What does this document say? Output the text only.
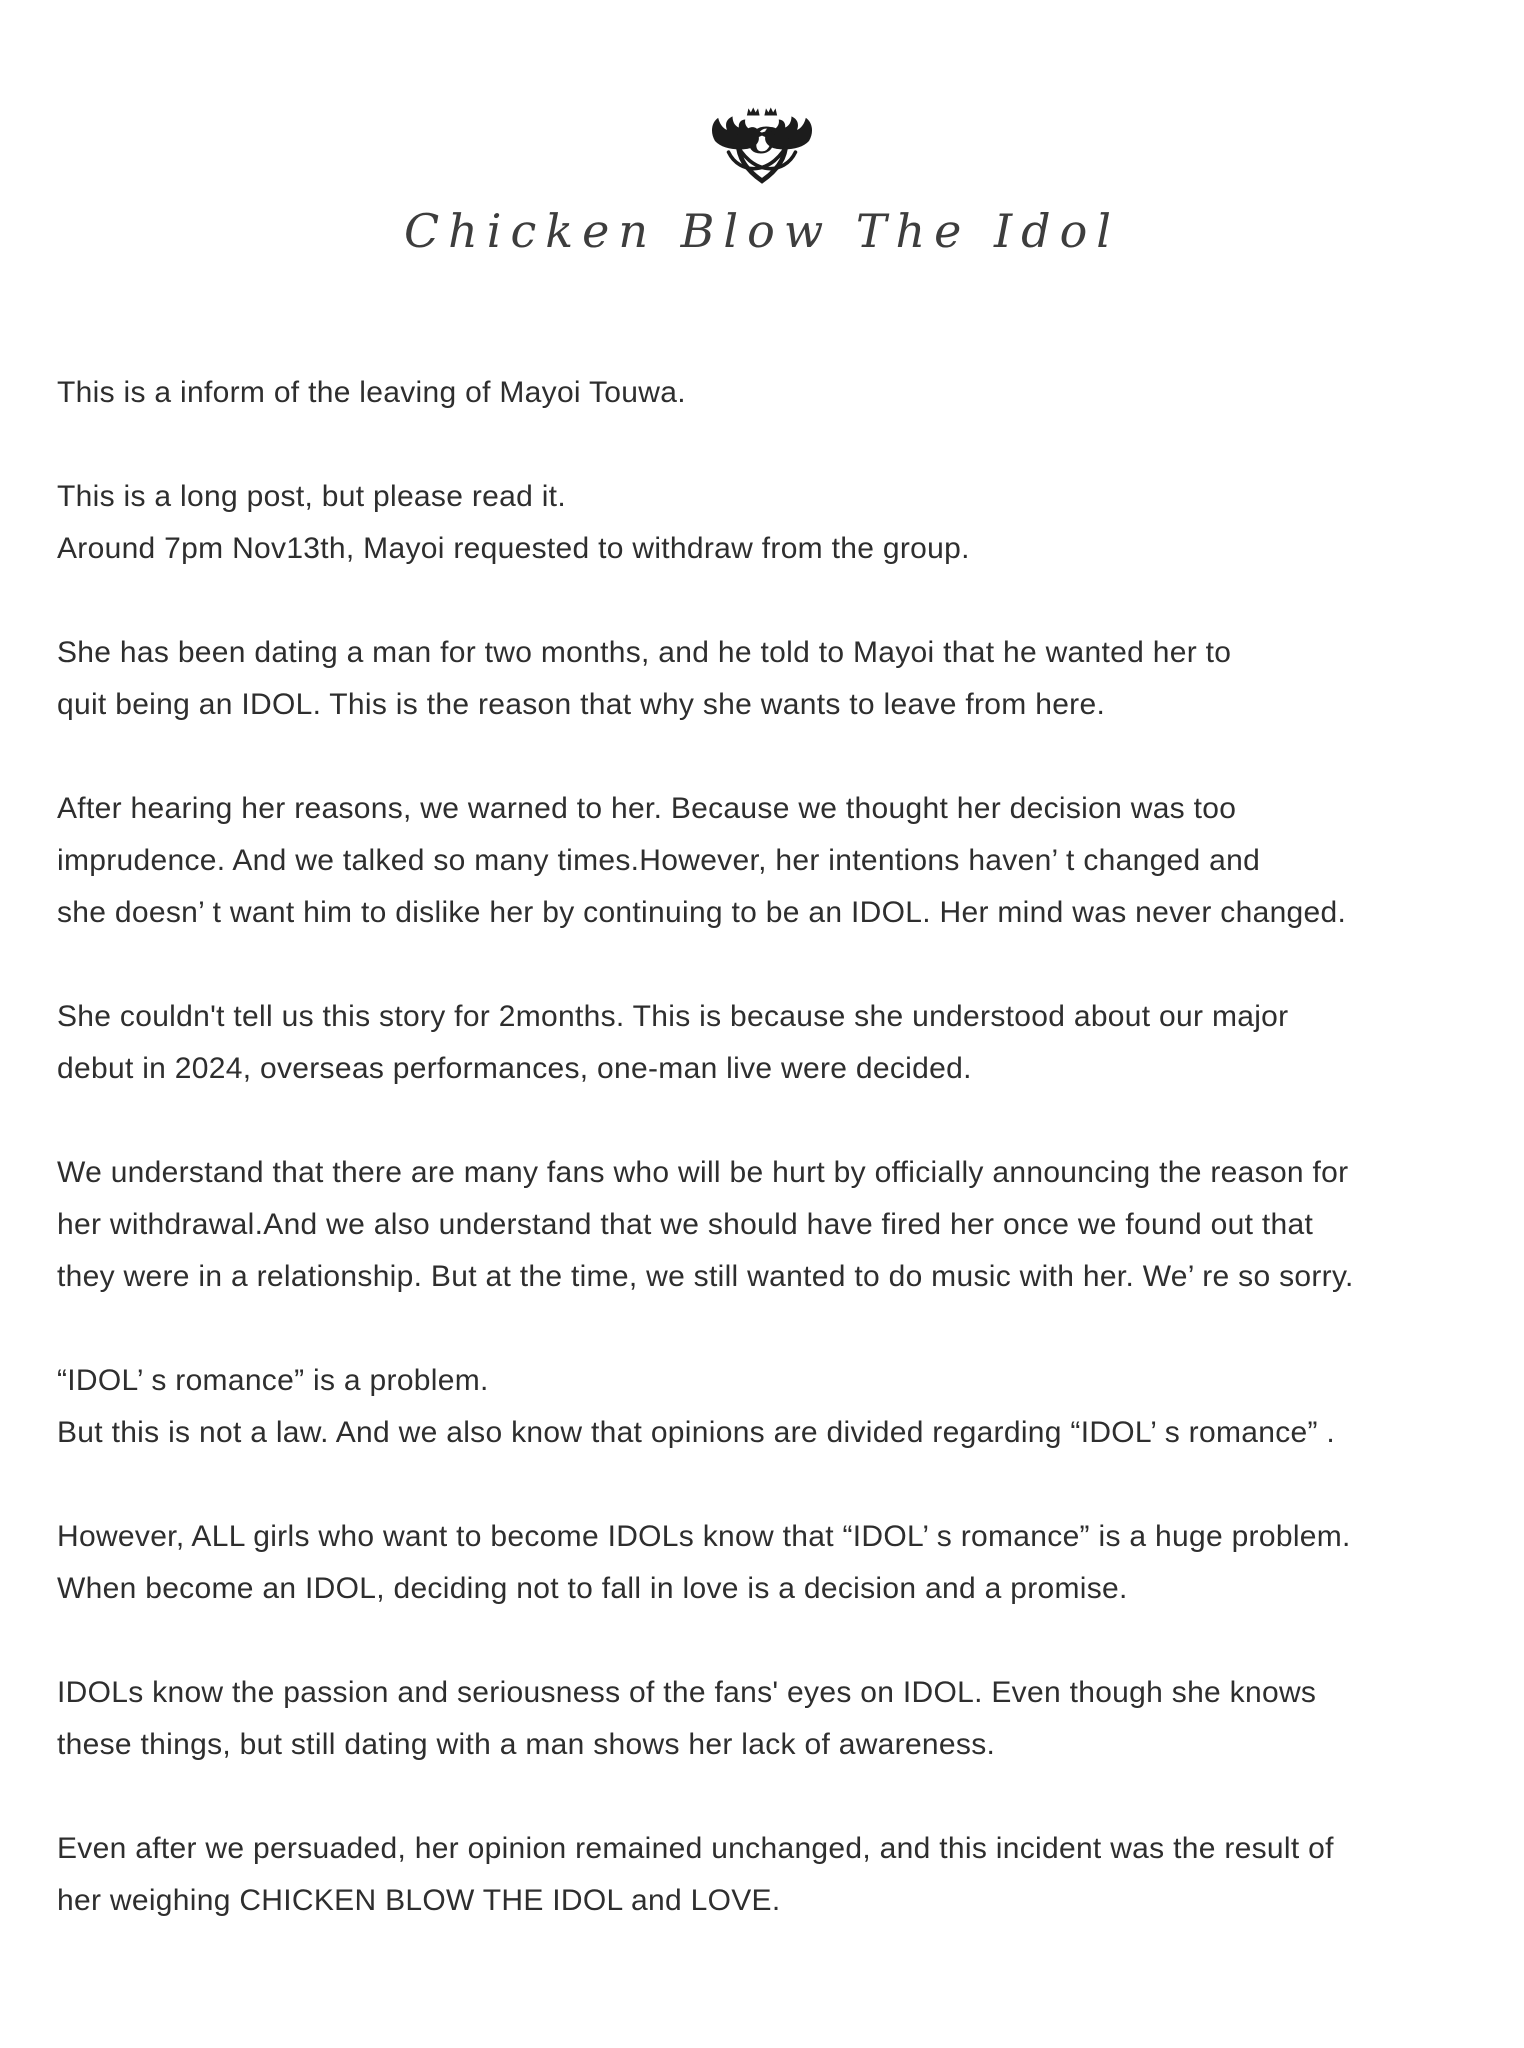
C
Chicken Blow The Idol
This is a inform of the leaving of Mayoi Touwa.
This is a long post, but please read it.
Around 7pm Nov13th, Mayoi requested to withdraw from the group.
She has been dating a man for two months, and he told to Mayoi that he wanted her to
quit being an IDOL. This is the reason that why she wants to leave from here.
After hearing her reasons, we warned to her. Because we thought her decision was too
imprudence. And we talked so many times.However, her intentions haven’ t changed and
she doesn’ t want him to dislike her by continuing to be an IDOL. Her mind was never changed.
She couldn't tell us this story for 2months. This is because she understood about our major
debut in 2024, overseas performances, one-man live were decided.
We understand that there are many fans who will be hurt by officially announcing the reason for
her withdrawal.And we also understand that we should have fired her once we found out that
they were in a relationship. But at the time, we still wanted to do music with her. We’ re so sorry.
“IDOL’ s romance” is a problem.
But this is not a law. And we also know that opinions are divided regarding “IDOL’ s romance” .
However, ALL girls who want to become IDOLs know that “IDOL’ s romance” is a huge problem.
When become an IDOL, deciding not to fall in love is a decision and a promise.
IDOLs know the passion and seriousness of the fans' eyes on IDOL. Even though she knows
these things, but still dating with a man shows her lack of awareness.
Even after we persuaded, her opinion remained unchanged, and this incident was the result of
her weighing CHICKEN BLOW THE IDOL and LOVE.
